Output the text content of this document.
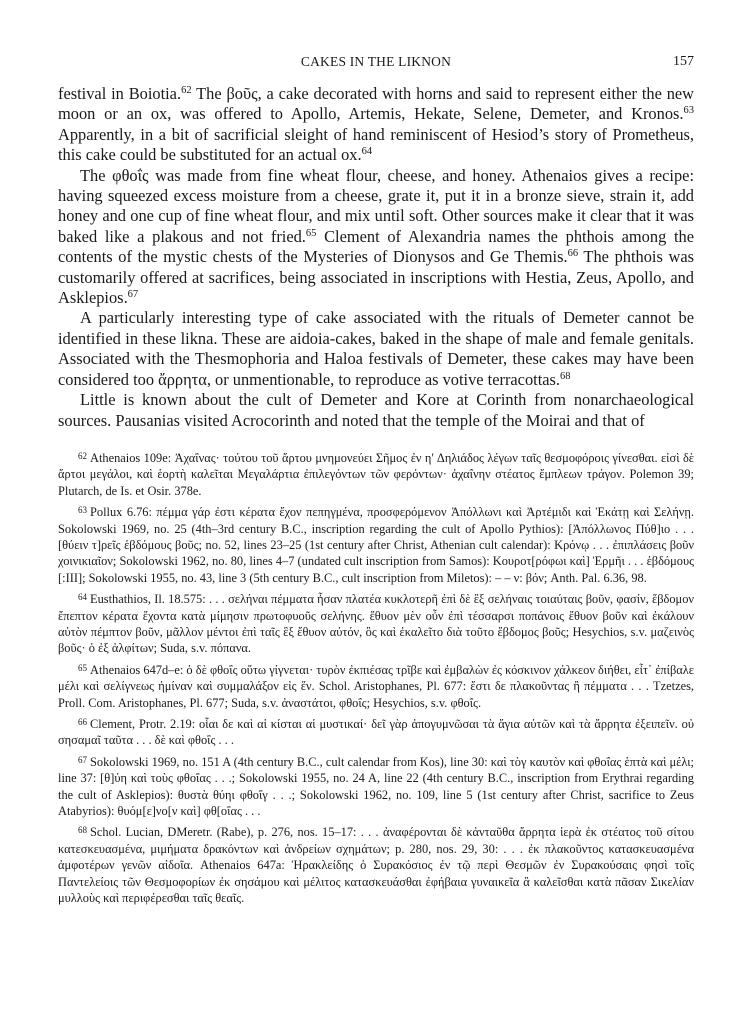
CAKES IN THE LIKNON	157

festival in Boiotia.$^{62}$ The βοῦς, a cake decorated with horns and said to represent either the new moon or an ox, was offered to Apollo, Artemis, Hekate, Selene, Demeter, and Kronos.$^{63}$ Apparently, in a bit of sacrificial sleight of hand reminiscent of Hesiod’s story of Prometheus, this cake could be substituted for an actual ox.$^{64}$

The φθοΐς was made from fine wheat flour, cheese, and honey. Athenaios gives a recipe: having squeezed excess moisture from a cheese, grate it, put it in a bronze sieve, strain it, add honey and one cup of fine wheat flour, and mix until soft. Other sources make it clear that it was baked like a plakous and not fried.$^{65}$ Clement of Alexandria names the phthois among the contents of the mystic chests of the Mysteries of Dionysos and Ge Themis.$^{66}$ The phthois was customarily offered at sacrifices, being associated in inscriptions with Hestia, Zeus, Apollo, and Asklepios.$^{67}$

A particularly interesting type of cake associated with the rituals of Demeter cannot be identified in these likna. These are aidoia-cakes, baked in the shape of male and female genitals. Associated with the Thesmophoria and Haloa festivals of Demeter, these cakes may have been considered too ἄρρητα, or unmentionable, to reproduce as votive terracottas.$^{68}$

Little is known about the cult of Demeter and Kore at Corinth from nonarchaeological sources. Pausanias visited Acrocorinth and noted that the temple of the Moirai and that of

$^{62}$ Athenaios 109e: Ἀχαΐνας· τούτου τοῦ ἄρτου μνημονεύει Σῆμος ἐν η′ Δηλιάδος λέγων ταῖς θεσμοφόροις γίνεσθαι. εἰσὶ δὲ ἄρτοι μεγάλοι, καὶ ἑορτὴ καλεῖται Μεγαλάρτια ἐπιλεγόντων τῶν φερόντων· ἀχαΐνην στέατος ἔμπλεων τράγον. Polemon 39; Plutarch, de Is. et Osir. 378e.

$^{63}$ Pollux 6.76: πέμμα γάρ ἐστι κέρατα ἔχον πεπηγμένα, προσφερόμενον Ἀπόλλωνι καὶ Ἀρτέμιδι καὶ Ἑκάτῃ καὶ Σελήνῃ. Sokolowski 1969, no. 25 (4th–3rd century B.C., inscription regarding the cult of Apollo Pythios): [Ἀπόλλωνος Πύθ]ιο . . . [θύειν τ]ρεῖς ἑβδόμους βοῦς; no. 52, lines 23–25 (1st century after Christ, Athenian cult calendar): Κρόνῳ . . . ἐπιπλάσεις βοῦν χοινικιαῖον; Sokolowski 1962, no. 80, lines 4–7 (undated cult inscription from Samos): Κουροτ[ρόφωι καὶ] Ἑρμῆι . . . ἑβδόμους [:ΙΙΙ]; Sokolowski 1955, no. 43, line 3 (5th century B.C., cult inscription from Miletos): – – ν: βόν; Anth. Pal. 6.36, 98.

$^{64}$ Eusthathios, Il. 18.575: . . . σελήναι πέμματα ἦσαν πλατέα κυκλοτερῆ ἐπὶ δὲ ἓξ σελήναις τοιαύταις βοῦν, φασίν, ἕβδομον ἔπεπτον κέρατα ἔχοντα κατὰ μίμησιν πρωτοφυοῦς σελήνης. ἔθυον μὲν οὖν ἐπὶ τέσσαρσι ποπάνοις ἔθυον βοῦν καὶ ἐκάλουν αὐτὸν πέμπτον βοῦν, μᾶλλον μέντοι ἐπὶ ταῖς ἓξ ἔθυον αὐτόν, ὃς καὶ ἐκαλεῖτο διὰ τοῦτο ἕβδομος βοῦς; Hesychios, s.v. μαζεινὸς βοῦς· ὁ ἐξ ἀλφίτων; Suda, s.v. πόπανα.

$^{65}$ Athenaios 647d–e: ὁ δὲ φθοΐς οὕτω γίγνεται· τυρὸν ἐκπιέσας τρῖβε καὶ ἐμβαλὼν ἐς κόσκινον χάλκεον διήθει, εἶτ᾽ ἐπίβαλε μέλι καὶ σελίγνεως ἡμίναν καὶ συμμαλάξον εἰς ἕν. Schol. Aristophanes, Pl. 677: ἔστι δε πλακοῦντας ἢ πέμματα . . . Tzetzes, Proll. Com. Aristophanes, Pl. 677; Suda, s.v. ἀναστάτοι, φθοΐς; Hesychios, s.v. φθοΐς.

$^{66}$ Clement, Protr. 2.19: οἷαι δε καὶ αἱ κίσται αἱ μυστικαί· δεῖ γὰρ ἀπογυμνῶσαι τὰ ἅγια αὐτῶν καὶ τὰ ἄρρητα ἐξειπεῖν. οὐ σησαμαῖ ταῦτα . . . δὲ καὶ φθοΐς . . .

$^{67}$ Sokolowski 1969, no. 151 A (4th century B.C., cult calendar from Kos), line 30: καὶ τὸγ καυτὸν καὶ φθοΐας ἑπτὰ καὶ μέλι; line 37: [θ]ύη καὶ τοὺς φθοΐας . . .; Sokolowski 1955, no. 24 A, line 22 (4th century B.C., inscription from Erythrai regarding the cult of Asklepios): θυστὰ θύηι φθοΐγ . . .; Sokolowski 1962, no. 109, line 5 (1st century after Christ, sacrifice to Zeus Atabyrios): θυόμ[ε]νο[ν καὶ] φθ[οΐας . . .

$^{68}$ Schol. Lucian, DMeretr. (Rabe), p. 276, nos. 15–17: . . . ἀναφέρονται δὲ κἀνταῦθα ἄρρητα ἱερὰ ἐκ στέατος τοῦ σίτου κατεσκευασμένα, μιμήματα δρακόντων καὶ ἀνδρείων σχημάτων; p. 280, nos. 29, 30: . . . ἐκ πλακοῦντος κατασκευασμένα ἀμφοτέρων γενῶν αἰδοῖα. Athenaios 647a: Ἡρακλείδης ὁ Συρακόσιος ἐν τῷ περὶ Θεσμῶν ἐν Συρακούσαις φησὶ τοῖς Παντελείοις τῶν Θεσμοφορίων ἐκ σησάμου καὶ μέλιτος κατασκευάσθαι ἐφήβαια γυναικεῖα ἃ καλεῖσθαι κατὰ πᾶσαν Σικελίαν μυλλοὺς καὶ περιφέρεσθαι ταῖς θεαῖς.
